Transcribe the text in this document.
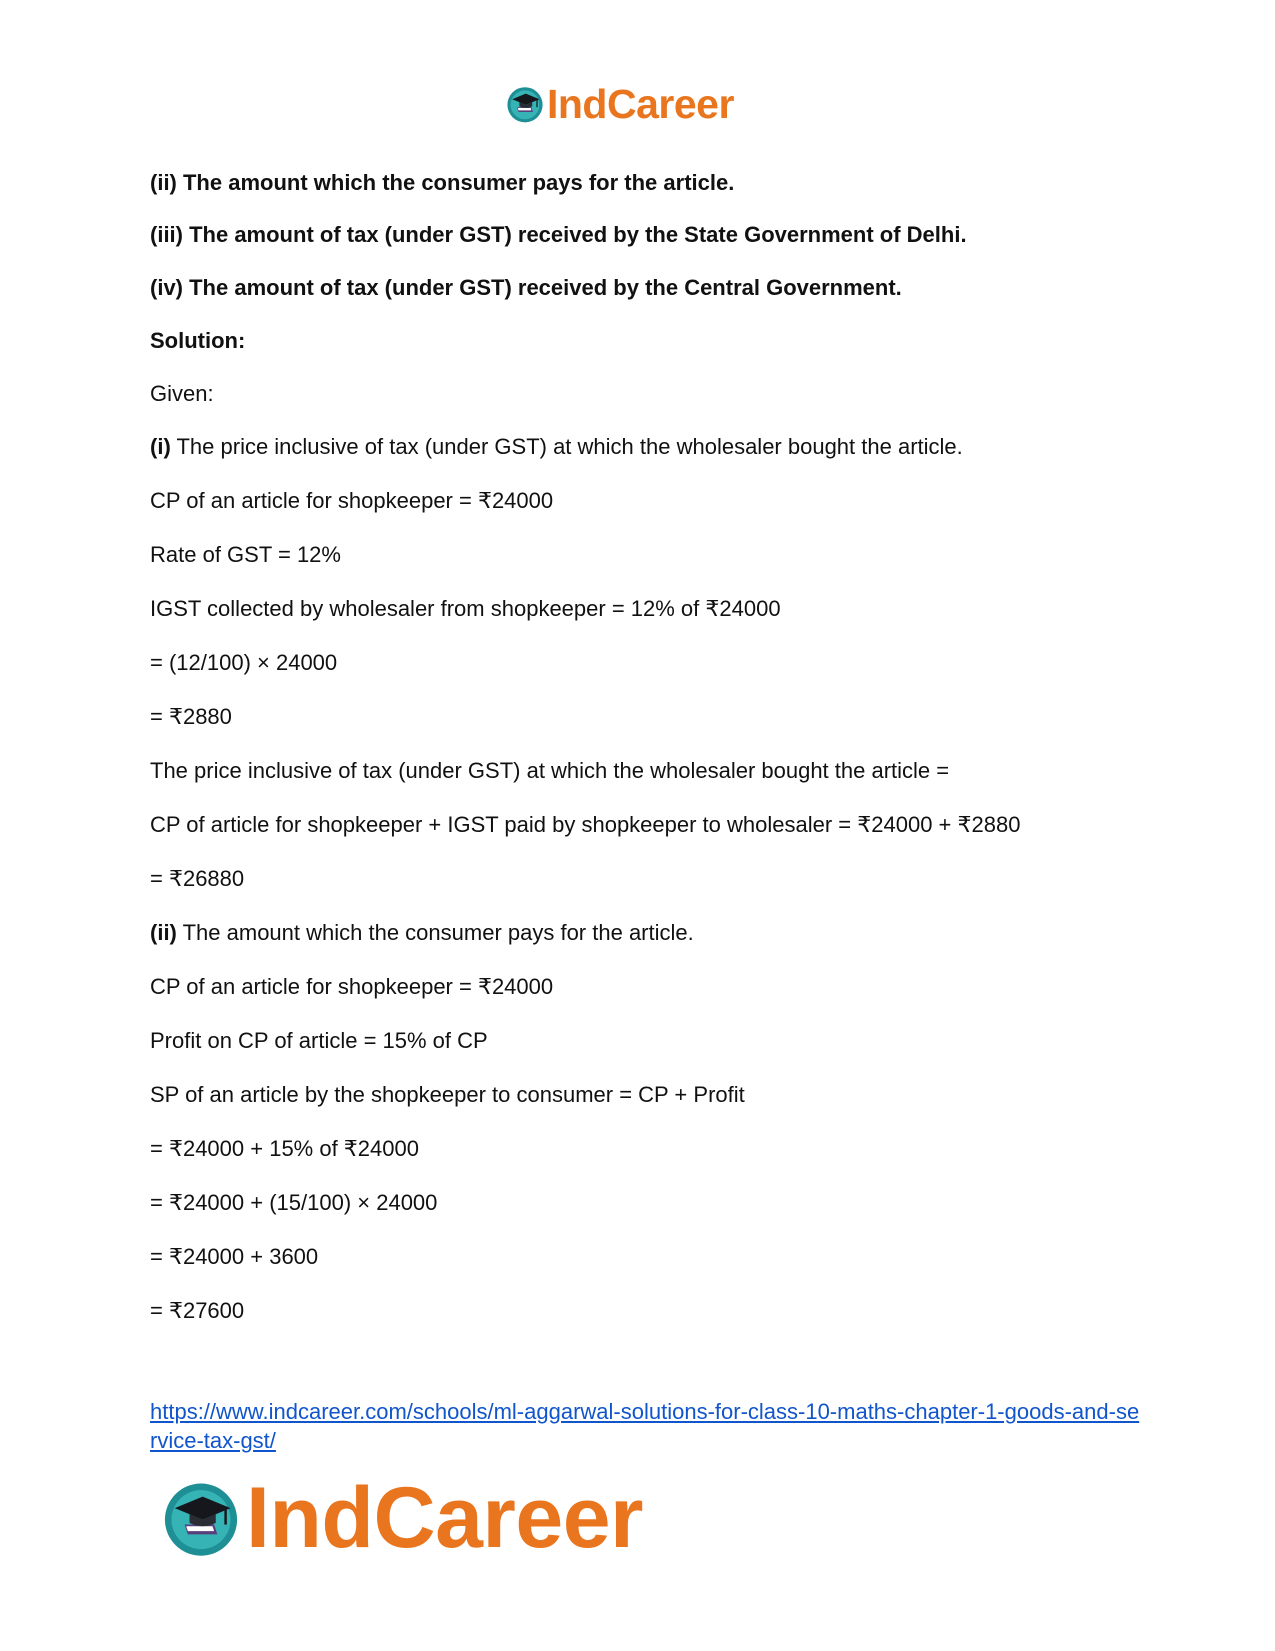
IndCareer
(ii) The amount which the consumer pays for the article.
(iii) The amount of tax (under GST) received by the State Government of Delhi.
(iv) The amount of tax (under GST) received by the Central Government.
Solution:
Given:
(i) The price inclusive of tax (under GST) at which the wholesaler bought the article.
CP of an article for shopkeeper = ₹24000
Rate of GST = 12%
IGST collected by wholesaler from shopkeeper = 12% of ₹24000
= (12/100) × 24000
= ₹2880
The price inclusive of tax (under GST) at which the wholesaler bought the article =
CP of article for shopkeeper + IGST paid by shopkeeper to wholesaler = ₹24000 + ₹2880
= ₹26880
(ii) The amount which the consumer pays for the article.
CP of an article for shopkeeper = ₹24000
Profit on CP of article = 15% of CP
SP of an article by the shopkeeper to consumer = CP + Profit
= ₹24000 + 15% of ₹24000
= ₹24000 + (15/100) × 24000
= ₹24000 + 3600
= ₹27600
https://www.indcareer.com/schools/ml-aggarwal-solutions-for-class-10-maths-chapter-1-goods-and-service-tax-gst/
IndCareer
